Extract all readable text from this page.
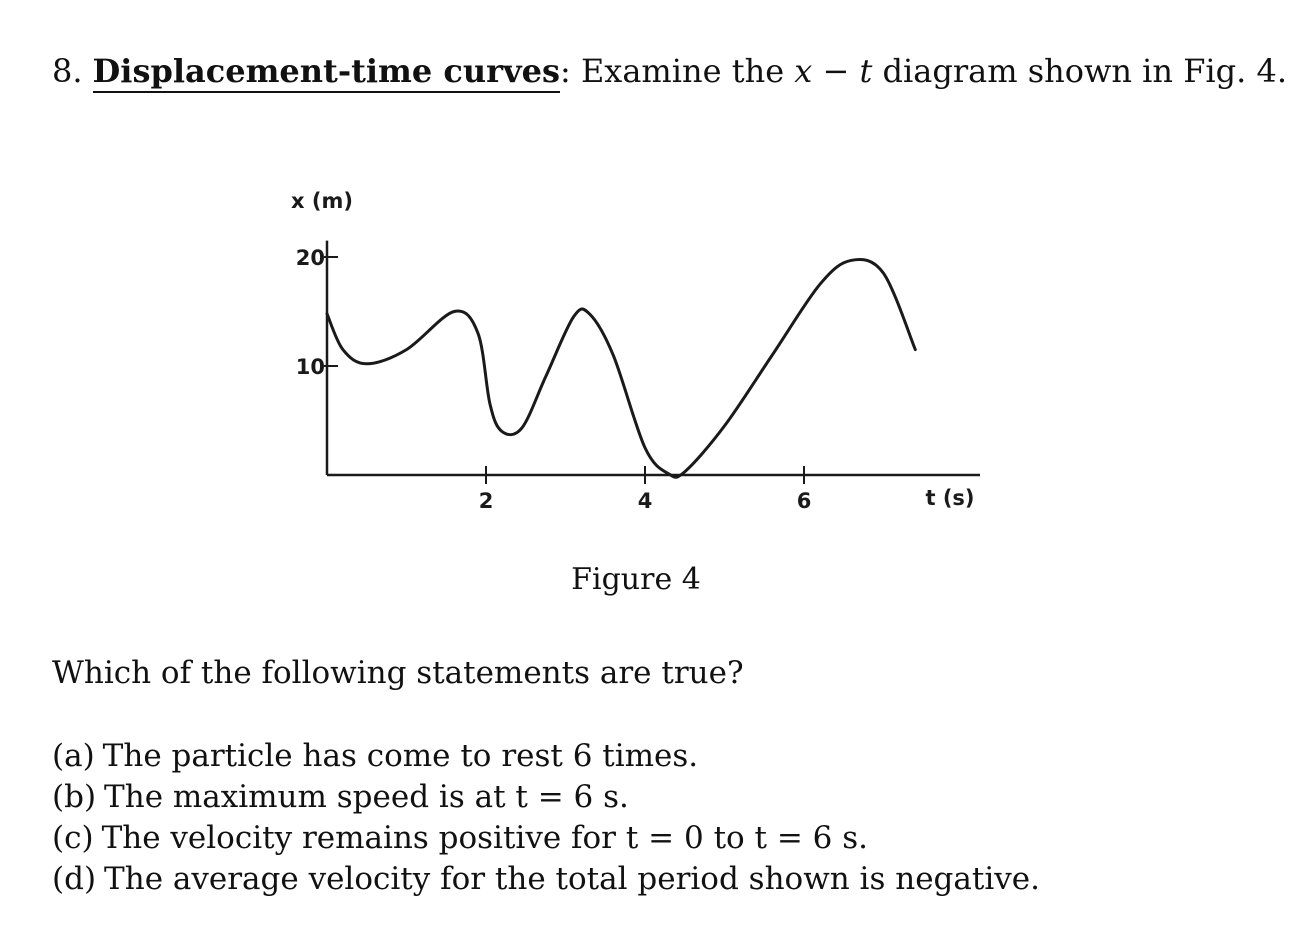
8. Displacement-time curves: Examine the x − t diagram shown in Fig. 4.
2	4	6
10
20
x (m)
t (s)
Figure 4
Which of the following statements are true?
(a) The particle has come to rest 6 times.
(b) The maximum speed is at t = 6 s.
(c) The velocity remains positive for t = 0 to t = 6 s.
(d) The average velocity for the total period shown is negative.
